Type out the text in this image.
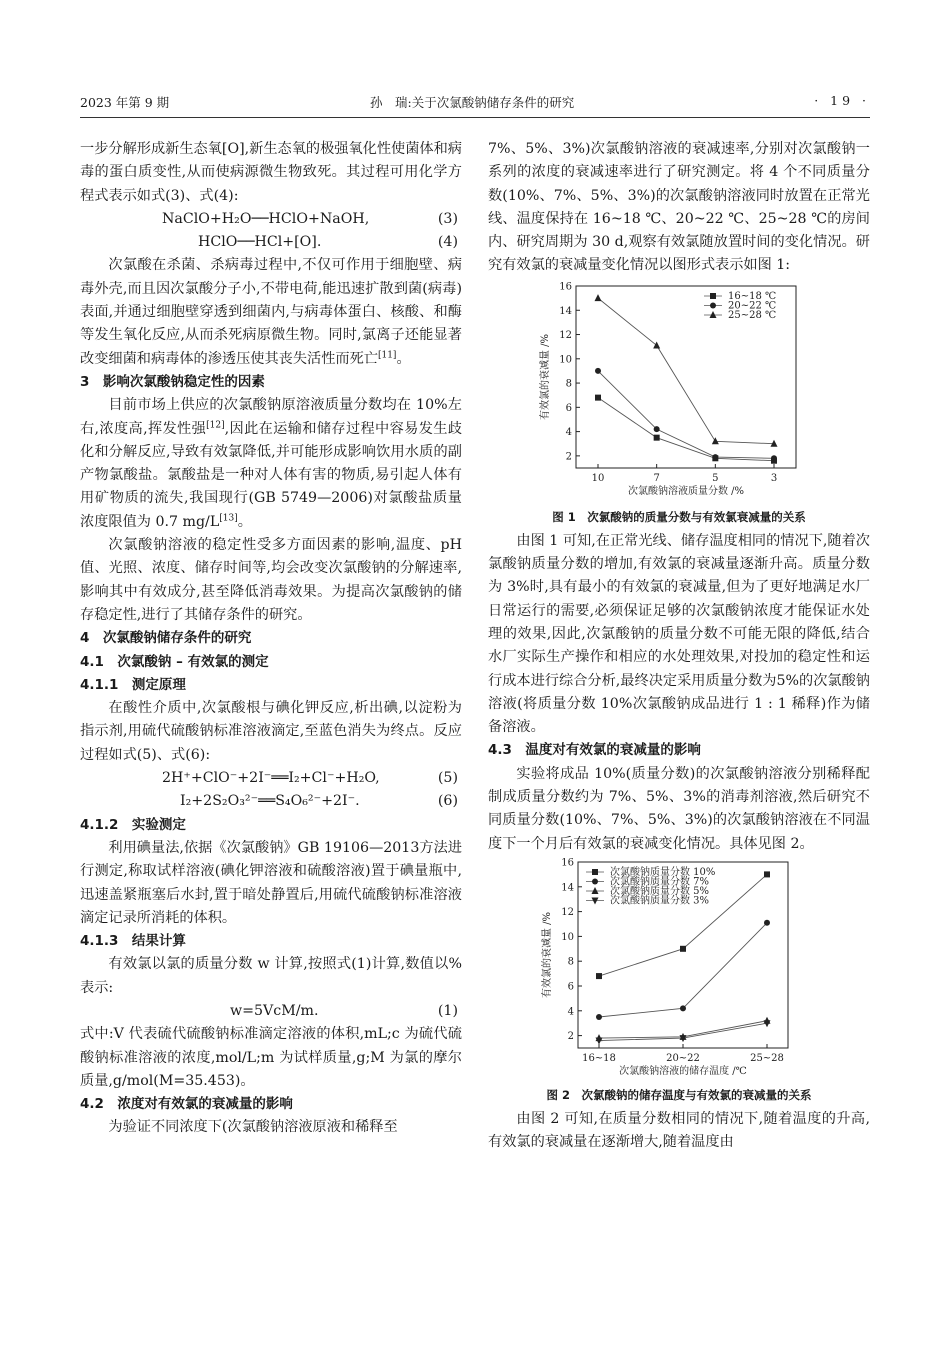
2023 年第 9 期	孙　瑞:关于次氯酸钠储存条件的研究	· 19 ·

一步分解形成新生态氧[O],新生态氧的极强氧化性使菌体和病毒的蛋白质变性,从而使病源微生物致死。其过程可用化学方程式表示如式(3)、式(4):

NaClO+H₂O──HClO+NaOH,	(3)
HClO──HCl+[O].	(4)

次氯酸在杀菌、杀病毒过程中,不仅可作用于细胞壁、病毒外壳,而且因次氯酸分子小,不带电荷,能迅速扩散到菌(病毒)表面,并通过细胞壁穿透到细菌内,与病毒体蛋白、核酸、和酶等发生氧化反应,从而杀死病原微生物。同时,氯离子还能显著改变细菌和病毒体的渗透压使其丧失活性而死亡[11]。

3　影响次氯酸钠稳定性的因素

目前市场上供应的次氯酸钠原溶液质量分数均在 10%左右,浓度高,挥发性强[12],因此在运输和储存过程中容易发生歧化和分解反应,导致有效氯降低,并可能形成影响饮用水质的副产物氯酸盐。氯酸盐是一种对人体有害的物质,易引起人体有用矿物质的流失,我国现行(GB 5749—2006)对氯酸盐质量浓度限值为 0.7 mg/L[13]。

次氯酸钠溶液的稳定性受多方面因素的影响,温度、pH 值、光照、浓度、储存时间等,均会改变次氯酸钠的分解速率,影响其中有效成分,甚至降低消毒效果。为提高次氯酸钠的储存稳定性,进行了其储存条件的研究。

4　次氯酸钠储存条件的研究

4.1　次氯酸钠 – 有效氯的测定

4.1.1　测定原理

在酸性介质中,次氯酸根与碘化钾反应,析出碘,以淀粉为指示剂,用硫代硫酸钠标准溶液滴定,至蓝色消失为终点。反应过程如式(5)、式(6):

2H⁺+ClO⁻+2I⁻══I₂+Cl⁻+H₂O,	(5)
I₂+2S₂O₃²⁻══S₄O₆²⁻+2I⁻.	(6)

4.1.2　实验测定

利用碘量法,依据《次氯酸钠》GB 19106—2013方法进行测定,称取试样溶液(碘化钾溶液和硫酸溶液)置于碘量瓶中,迅速盖紧瓶塞后水封,置于暗处静置后,用硫代硫酸钠标准溶液滴定记录所消耗的体积。

4.1.3　结果计算

有效氯以氯的质量分数 w 计算,按照式(1)计算,数值以%表示:

w=5VcM/m.	(1)

式中:V 代表硫代硫酸钠标准滴定溶液的体积,mL;c 为硫代硫酸钠标准溶液的浓度,mol/L;m 为试样质量,g;M 为氯的摩尔质量,g/mol(M=35.453)。

4.2　浓度对有效氯的衰减量的影响

为验证不同浓度下(次氯酸钠溶液原液和稀释至

7%、5%、3%)次氯酸钠溶液的衰减速率,分别对次氯酸钠一系列的浓度的衰减速率进行了研究测定。将 4 个不同质量分数(10%、7%、5%、3%)的次氯酸钠溶液同时放置在正常光线、温度保持在 16~18 ℃、20~22 ℃、25~28 ℃的房间内、研究周期为 30 d,观察有效氯随放置时间的变化情况。研究有效氯的衰减量变化情况以图形式表示如图 1:

2
4
6
8
10
12
14
16
10	7	5	3
次氯酸钠溶液质量分数 /%
有效氯的衰减量 /%
16~18 ℃
20~22 ℃
25~28 ℃
图 1　次氯酸钠的质量分数与有效氯衰减量的关系

由图 1 可知,在正常光线、储存温度相同的情况下,随着次氯酸钠质量分数的增加,有效氯的衰减量逐渐升高。质量分数为 3%时,具有最小的有效氯的衰减量,但为了更好地满足水厂日常运行的需要,必须保证足够的次氯酸钠浓度才能保证水处理的效果,因此,次氯酸钠的质量分数不可能无限的降低,结合水厂实际生产操作和相应的水处理效果,对投加的稳定性和运行成本进行综合分析,最终决定采用质量分数为5%的次氯酸钠溶液(将质量分数 10%次氯酸钠成品进行 1 : 1 稀释)作为储备溶液。

4.3　温度对有效氯的衰减量的影响

实验将成品 10%(质量分数)的次氯酸钠溶液分别稀释配制成质量分数约为 7%、5%、3%的消毒剂溶液,然后研究不同质量分数(10%、7%、5%、3%)的次氯酸钠溶液在不同温度下一个月后有效氯的衰减变化情况。具体见图 2。

2
4
6
8
10
12
14
16
16~18	20~22	25~28
次氯酸钠溶液的储存温度 /℃
有效氯的衰减量 /%
次氯酸钠质量分数 10%
次氯酸钠质量分数 7%
次氯酸钠质量分数 5%
次氯酸钠质量分数 3%
图 2　次氯酸钠的储存温度与有效氯的衰减量的关系

由图 2 可知,在质量分数相同的情况下,随着温度的升高,有效氯的衰减量在逐渐增大,随着温度由
